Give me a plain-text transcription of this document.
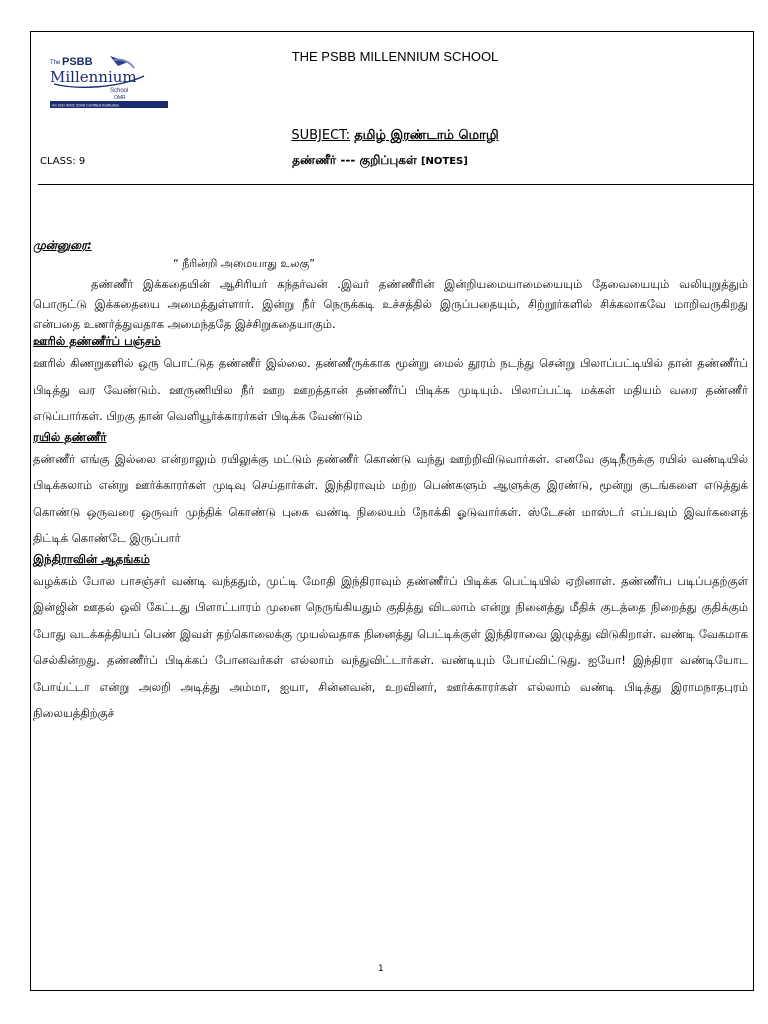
The PSBB
Millennium
School
OMR
An ISO 9001:2008 Certified Institution
THE PSBB MILLENNIUM SCHOOL
SUBJECT: தமிழ் இரண்டாம் மொழி
CLASS: 9	தண்ணீர் --- குறிப்புகள் [NOTES]
முன்னுரை:
“ நீரின்றி அமையாது உலகு”
தண்ணீர் இக்கதையின் ஆசிரியர் கந்தர்வன் .இவர் தண்ணீரின் இன்றியமையாமையையும் தேவையையும் வலியுறுத்தும் பொருட்டு இக்கதையை அமைத்துள்ளார். இன்று நீர் நெருக்கடி உச்சத்தில் இருப்பதையும், சிற்றூர்களில் சிக்கலாகவே மாறிவருகிறது என்பதை உணர்த்துவதாக அமைந்ததே இச்சிறுகதையாகும்.
ஊரில் தண்ணீர்ப் பஞ்சம்
ஊரில் கிணறுகளில் ஒரு பொட்டுத தண்ணீர் இல்லை. தண்ணீருக்காக மூன்று மைல் தூரம் நடந்து சென்று பிலாப்பட்டியில் தான் தண்ணீர்ப் பிடித்து வர வேண்டும். ஊருணியில நீர் ஊற ஊறத்தான் தண்ணீர்ப் பிடிக்க முடியும். பிலாப்பட்டி மக்கள் மதியம் வரை தண்ணீர் எடுப்பார்கள். பிறகு தான் வெளியூர்க்காரர்கள் பிடிக்க வேண்டும்
ரயில் தண்ணீர்
தண்ணீர் எங்கு இல்லை என்றாலும் ரயிலுக்கு மட்டும் தண்ணீர் கொண்டு வந்து ஊற்றிவிடுவார்கள். எனவே குடிநீருக்கு ரயில் வண்டியில் பிடிக்கலாம் என்று ஊர்க்காரர்கள் முடிவு செய்தார்கள். இந்திராவும் மற்ற பெண்களும் ஆளுக்கு இரண்டு, மூன்று குடங்களை எடுத்துக் கொண்டு ஒருவரை ஒருவர் முந்திக் கொண்டு புகை வண்டி நிலையம் நோக்கி ஓடுவார்கள். ஸ்டேசன் மாஸ்டர் எப்பவும் இவர்களைத் திட்டிக் கொண்டே இருப்பார்
இந்திராவின் ஆதங்கம்
வழக்கம் போல பாசஞ்சர் வண்டி வந்ததும், முட்டி மோதி இந்திராவும் தண்ணீர்ப் பிடிக்க பெட்டியில் ஏறினாள். தண்ணீர்ப படிப்பதற்குள் இன்ஜின் ஊதல் ஒலி கேட்டது பிளாட்பாரம் முனை நெருங்கியதும் குதித்து விடலாம் என்று நினைத்து மீதிக் குடத்தை நிறைத்து குதிக்கும் போது வடக்கத்தியப் பெண் இவள் தற்கொலைக்கு முயல்வதாக நினைத்து பெட்டிக்குள் இந்திராவை இழுத்து விடுகிறாள். வண்டி வேகமாக செல்கின்றது. தண்ணீர்ப் பிடிக்கப் போனவர்கள் எல்லாம் வந்துவிட்டார்கள். வண்டியும் போய்விட்டுது. ஐயோ! இந்திரா வண்டியோட போய்ட்டா என்று அலறி அடித்து அம்மா, ஐயா, சின்னவன், உறவினர், ஊர்க்காரர்கள் எல்லாம் வண்டி பிடித்து இராமநாதபுரம் நிலையத்திற்குச்
1
